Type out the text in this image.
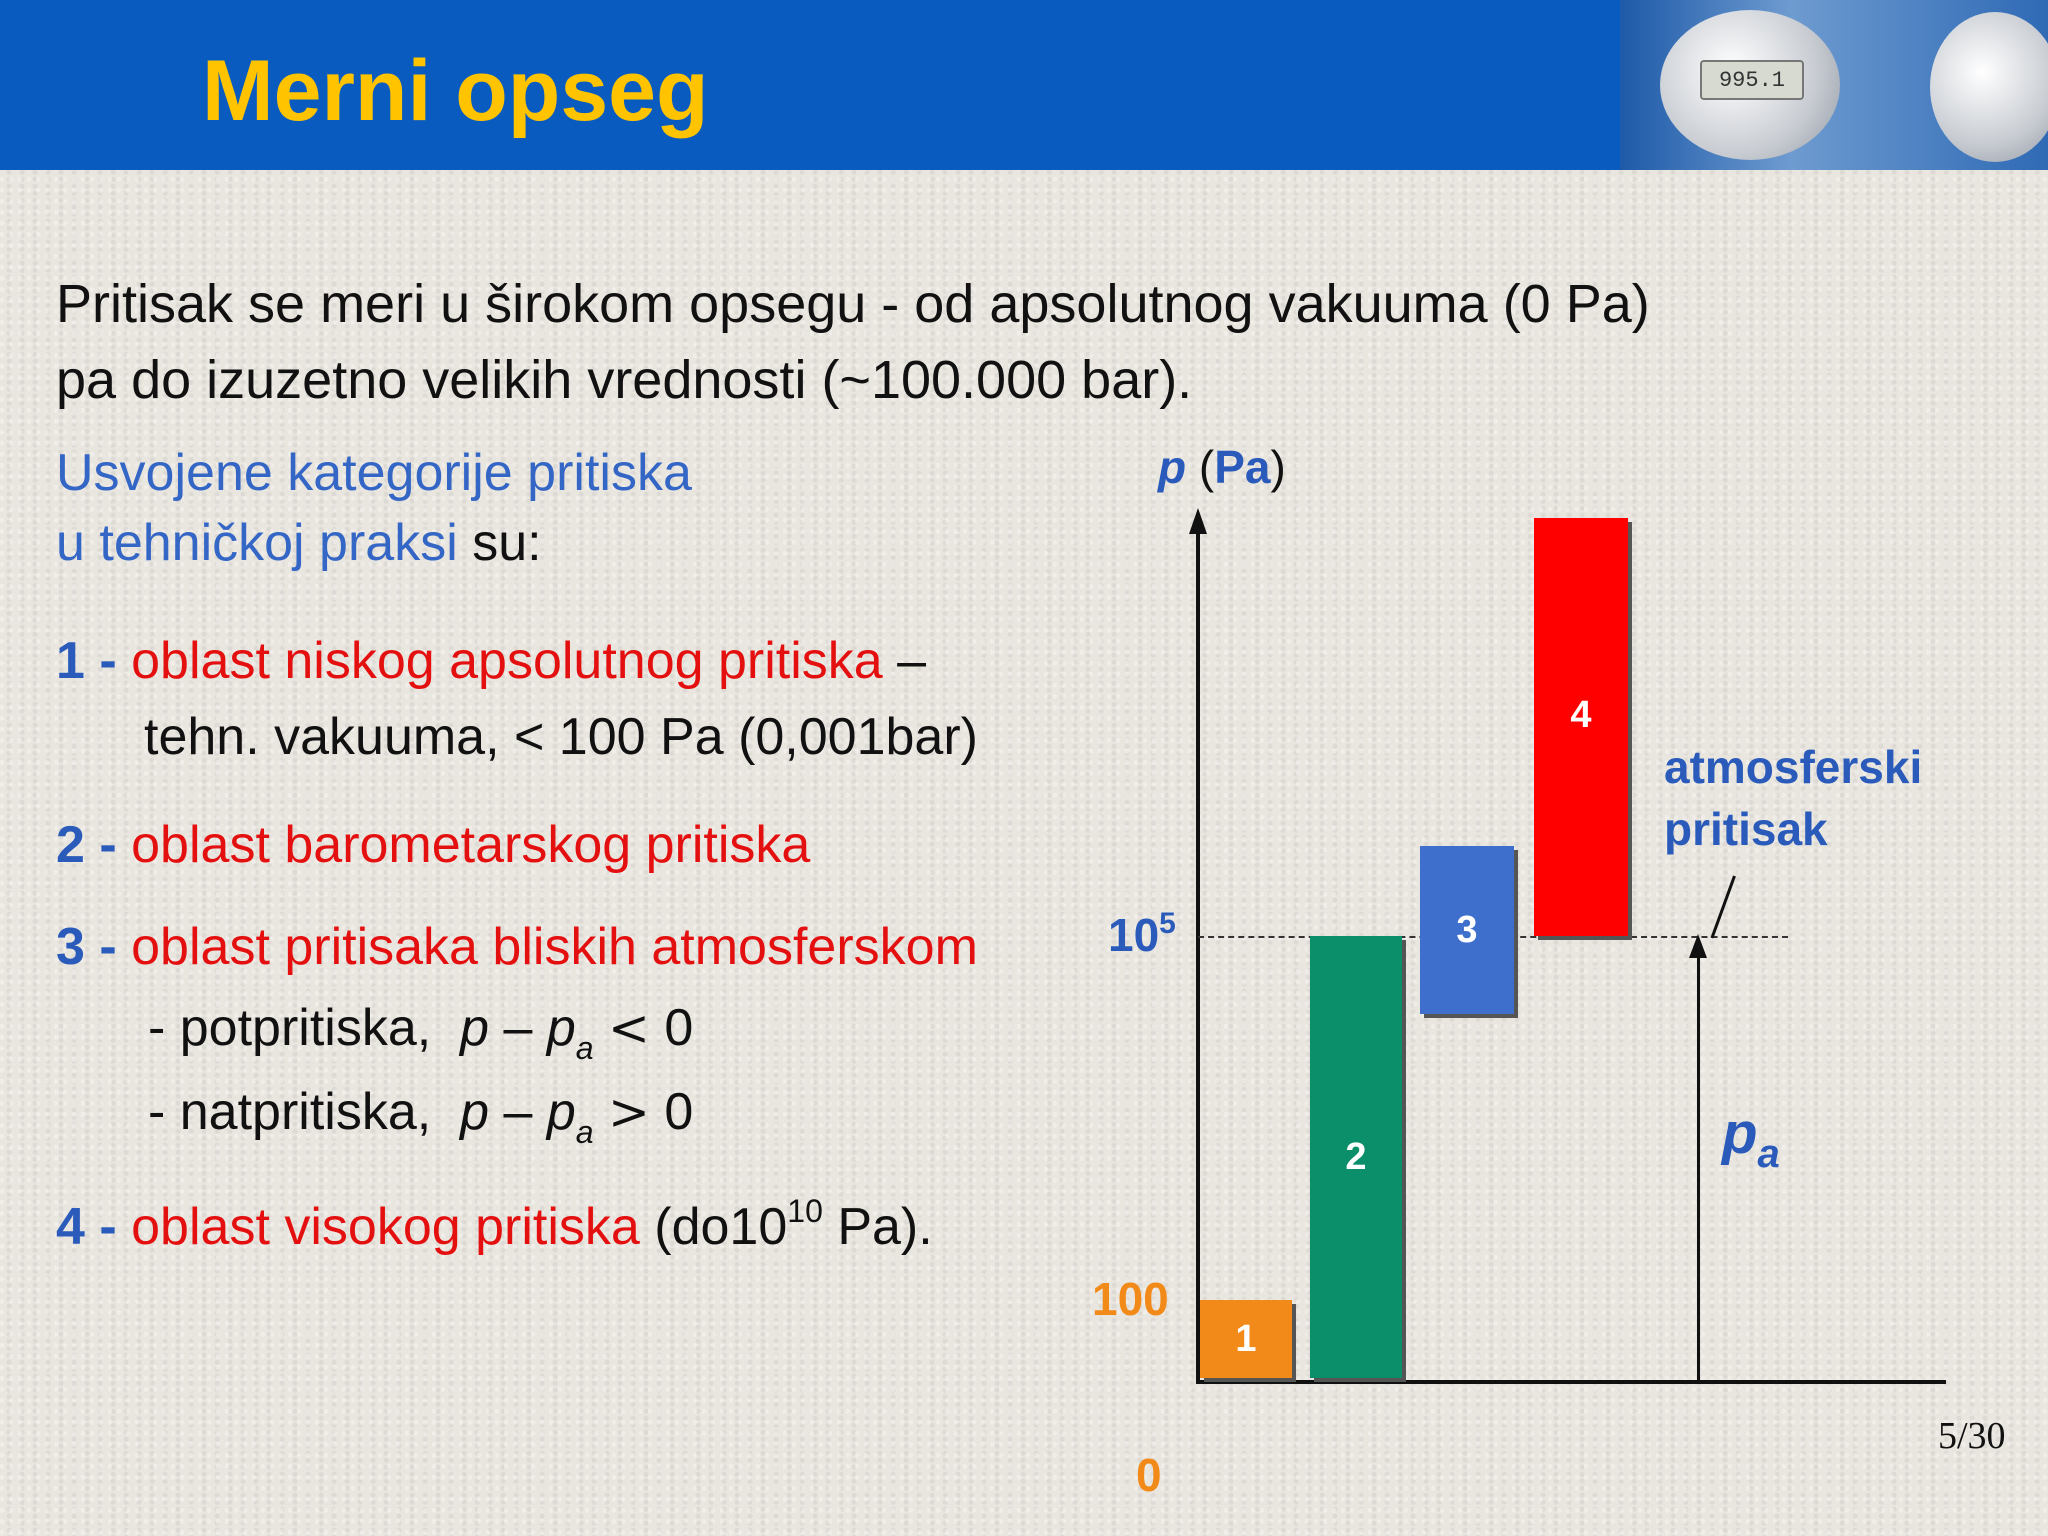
Merni opseg	995.1
Pritisak se meri u širokom opsegu - od apsolutnog vakuuma (0 Pa)
pa do izuzetno velikih vrednosti (~100.000 bar).
Usvojene kategorije pritiska
u tehničkoj praksi su:
1 - oblast niskog apsolutnog pritiska –
tehn. vakuuma, < 100 Pa (0,001bar)
2 - oblast barometarskog pritiska
3 - oblast pritisaka bliskih atmosferskom
- potpritiska, $p - p_a < 0$
- natpritiska, $p - p_a > 0$
4 - oblast visokog pritiska ($do10^{10}$ Pa).
p (Pa)
$10^5$
100
0
1
2
3
4
atmosferski
pritisak
$p_a$
5/30
